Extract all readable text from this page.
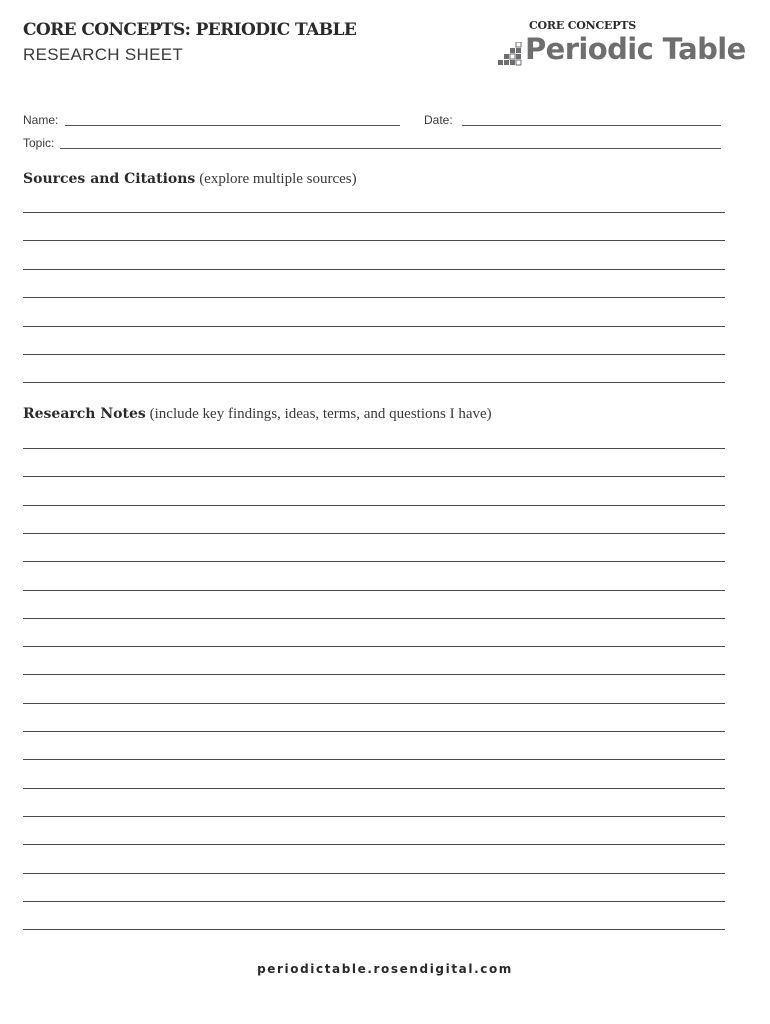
CORE CONCEPTS: PERIODIC TABLE
RESEARCH SHEET
CORE CONCEPTS
Periodic Table
Name:	Date:
Topic:
Sources and Citations (explore multiple sources)
Research Notes (include key findings, ideas, terms, and questions I have)
periodictable.rosendigital.com
